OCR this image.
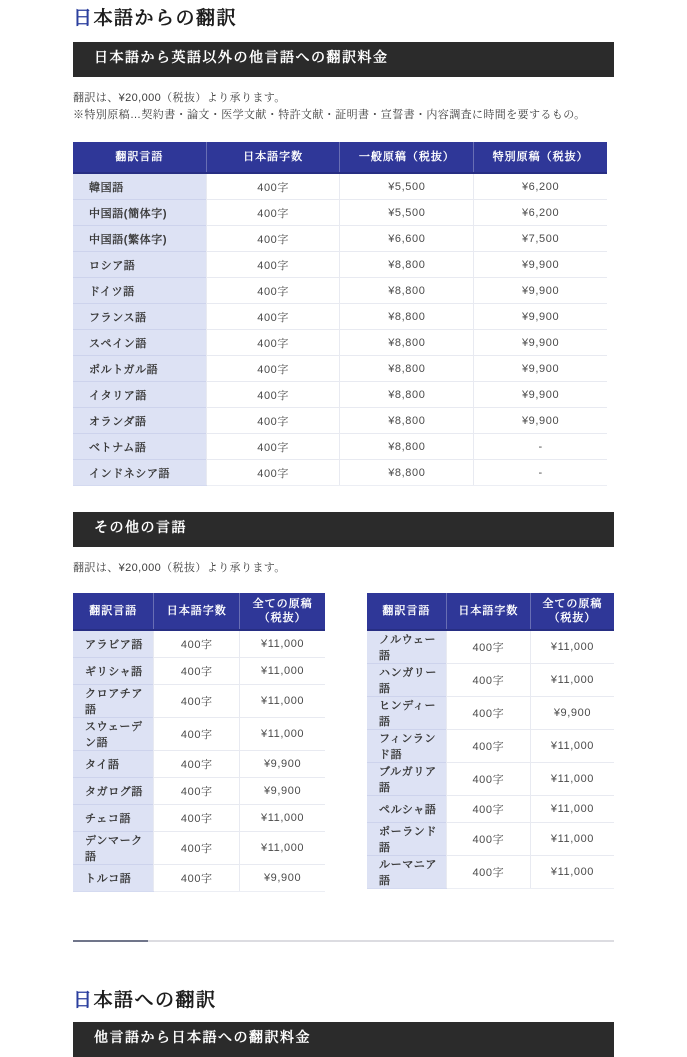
日本語からの翻訳
日本語から英語以外の他言語への翻訳料金

翻訳は、¥20,000（税抜）より承ります。

※特別原稿…契約書・論文・医学文献・特許文献・証明書・宣誓書・内容調査に時間を要するもの。

翻訳言語	日本語字数	一般原稿（税抜）	特別原稿（税抜）
韓国語	400字	¥5,500	¥6,200
中国語(簡体字)	400字	¥5,500	¥6,200
中国語(繁体字)	400字	¥6,600	¥7,500
ロシア語	400字	¥8,800	¥9,900
ドイツ語	400字	¥8,800	¥9,900
フランス語	400字	¥8,800	¥9,900
スペイン語	400字	¥8,800	¥9,900
ポルトガル語	400字	¥8,800	¥9,900
イタリア語	400字	¥8,800	¥9,900
オランダ語	400字	¥8,800	¥9,900
ベトナム語	400字	¥8,800	-
インドネシア語	400字	¥8,800	-
その他の言語

翻訳は、¥20,000（税抜）より承ります。

翻訳言語	日本語字数	全ての原稿（税抜）
アラビア語	400字	¥11,000
ギリシャ語	400字	¥11,000
クロアチア語	400字	¥11,000
スウェーデン語	400字	¥11,000
タイ語	400字	¥9,900
タガログ語	400字	¥9,900
チェコ語	400字	¥11,000
デンマーク語	400字	¥11,000
トルコ語	400字	¥9,900
翻訳言語	日本語字数	全ての原稿（税抜）
ノルウェー語	400字	¥11,000
ハンガリー語	400字	¥11,000
ヒンディー語	400字	¥9,900
フィンランド語	400字	¥11,000
ブルガリア語	400字	¥11,000
ペルシャ語	400字	¥11,000
ポーランド語	400字	¥11,000
ルーマニア語	400字	¥11,000
日本語への翻訳
他言語から日本語への翻訳料金
